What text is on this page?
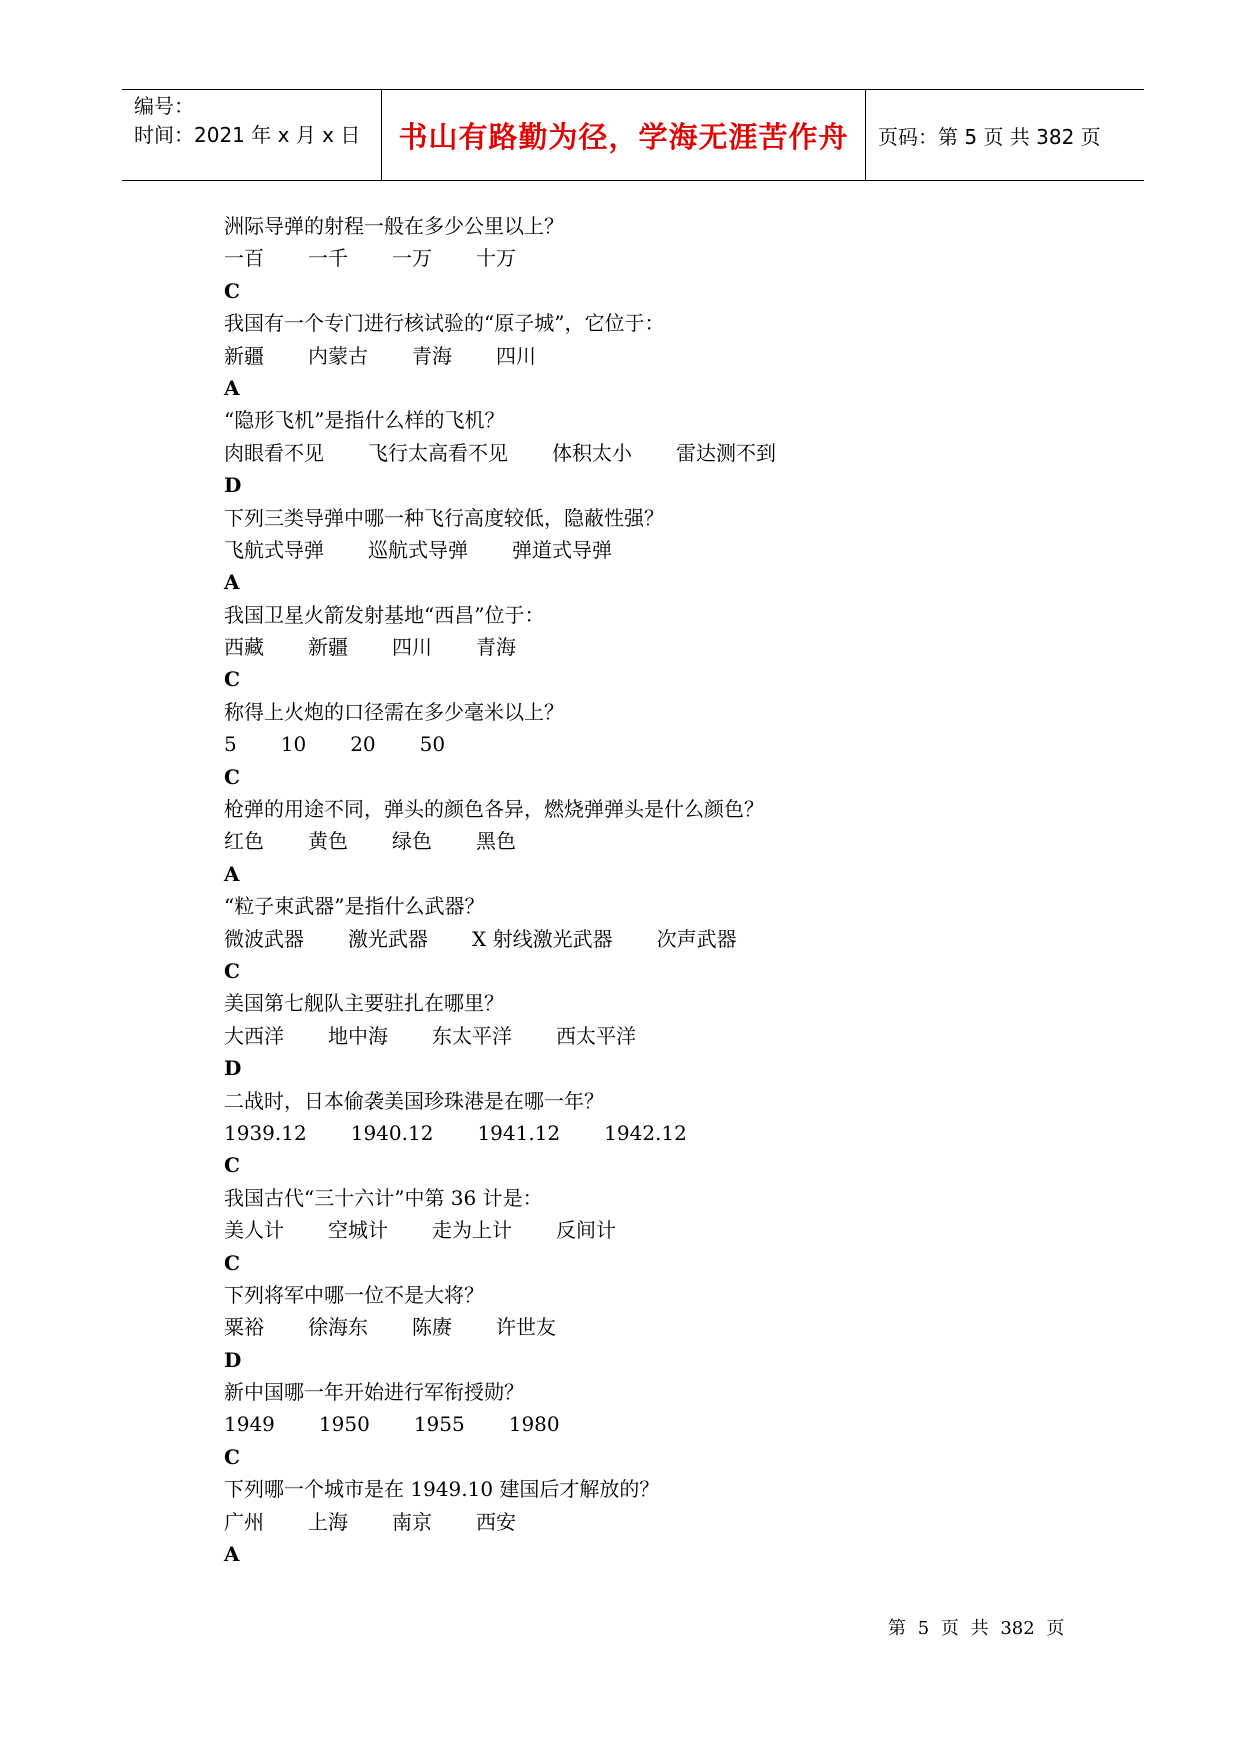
编号：
时间：2021 年 x 月 x 日	书山有路勤为径，学海无涯苦作舟	页码：第 5 页 共 382 页
洲际导弹的射程一般在多少公里以上？
一百 一千 一万 十万
C
我国有一个专门进行核试验的“原子城”，它位于：
新疆 内蒙古 青海 四川
A
“隐形飞机”是指什么样的飞机？
肉眼看不见 飞行太高看不见 体积太小 雷达测不到
D
下列三类导弹中哪一种飞行高度较低，隐蔽性强？
飞航式导弹 巡航式导弹 弹道式导弹
A
我国卫星火箭发射基地“西昌”位于：
西藏 新疆 四川 青海
C
称得上火炮的口径需在多少毫米以上？
5 10 20 50
C
枪弹的用途不同，弹头的颜色各异，燃烧弹弹头是什么颜色？
红色 黄色 绿色 黑色
A
“粒子束武器”是指什么武器？
微波武器 激光武器 X 射线激光武器 次声武器
C
美国第七舰队主要驻扎在哪里？
大西洋 地中海 东太平洋 西太平洋
D
二战时，日本偷袭美国珍珠港是在哪一年？
1939.12 1940.12 1941.12 1942.12
C
我国古代“三十六计”中第 36 计是：
美人计 空城计 走为上计 反间计
C
下列将军中哪一位不是大将？
粟裕 徐海东 陈赓 许世友
D
新中国哪一年开始进行军衔授勋？
1949 1950 1955 1980
C
下列哪一个城市是在 1949.10 建国后才解放的？
广州 上海 南京 西安
A
第 5 页 共 382 页
